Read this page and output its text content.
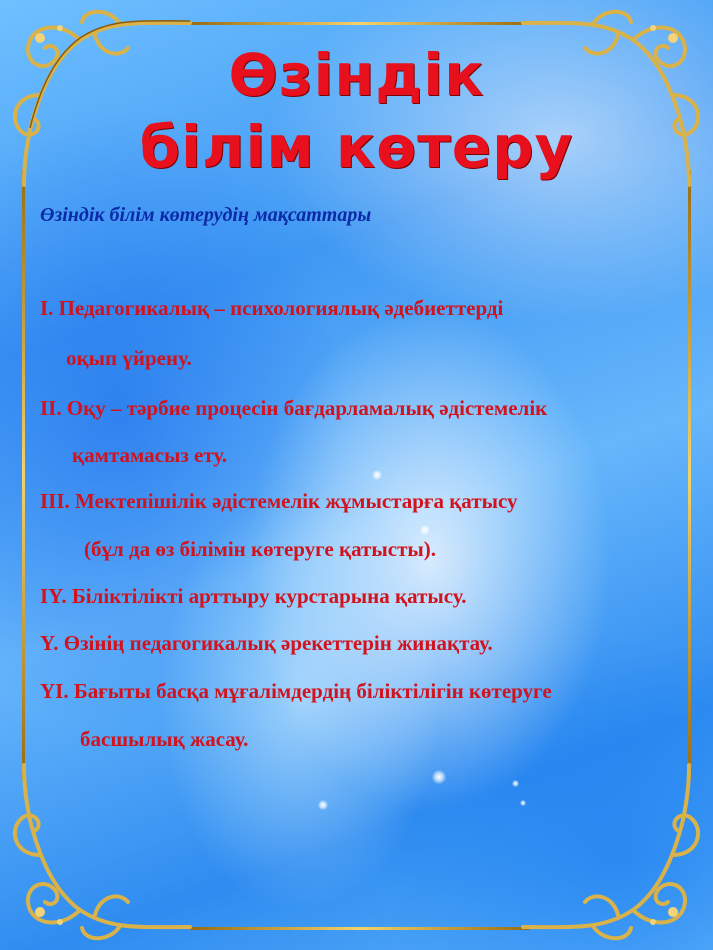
Өзіндік
білім көтеру
Өзіндік білім көтерудің мақсаттары
І. Педагогикалық – психологиялық әдебиеттерді
оқып үйрену.
ІІ. Оқу – тәрбие процесін бағдарламалық әдістемелік
қамтамасыз ету.
ІІІ. Мектепішілік әдістемелік жұмыстарға қатысу
(бұл да өз білімін көтеруге қатысты).
ІY. Біліктілікті арттыру курстарына қатысу.
Y. Өзінің педагогикалық әрекеттерін жинақтау.
YІ. Бағыты басқа мұғалімдердің біліктілігін көтеруге
басшылық жасау.
